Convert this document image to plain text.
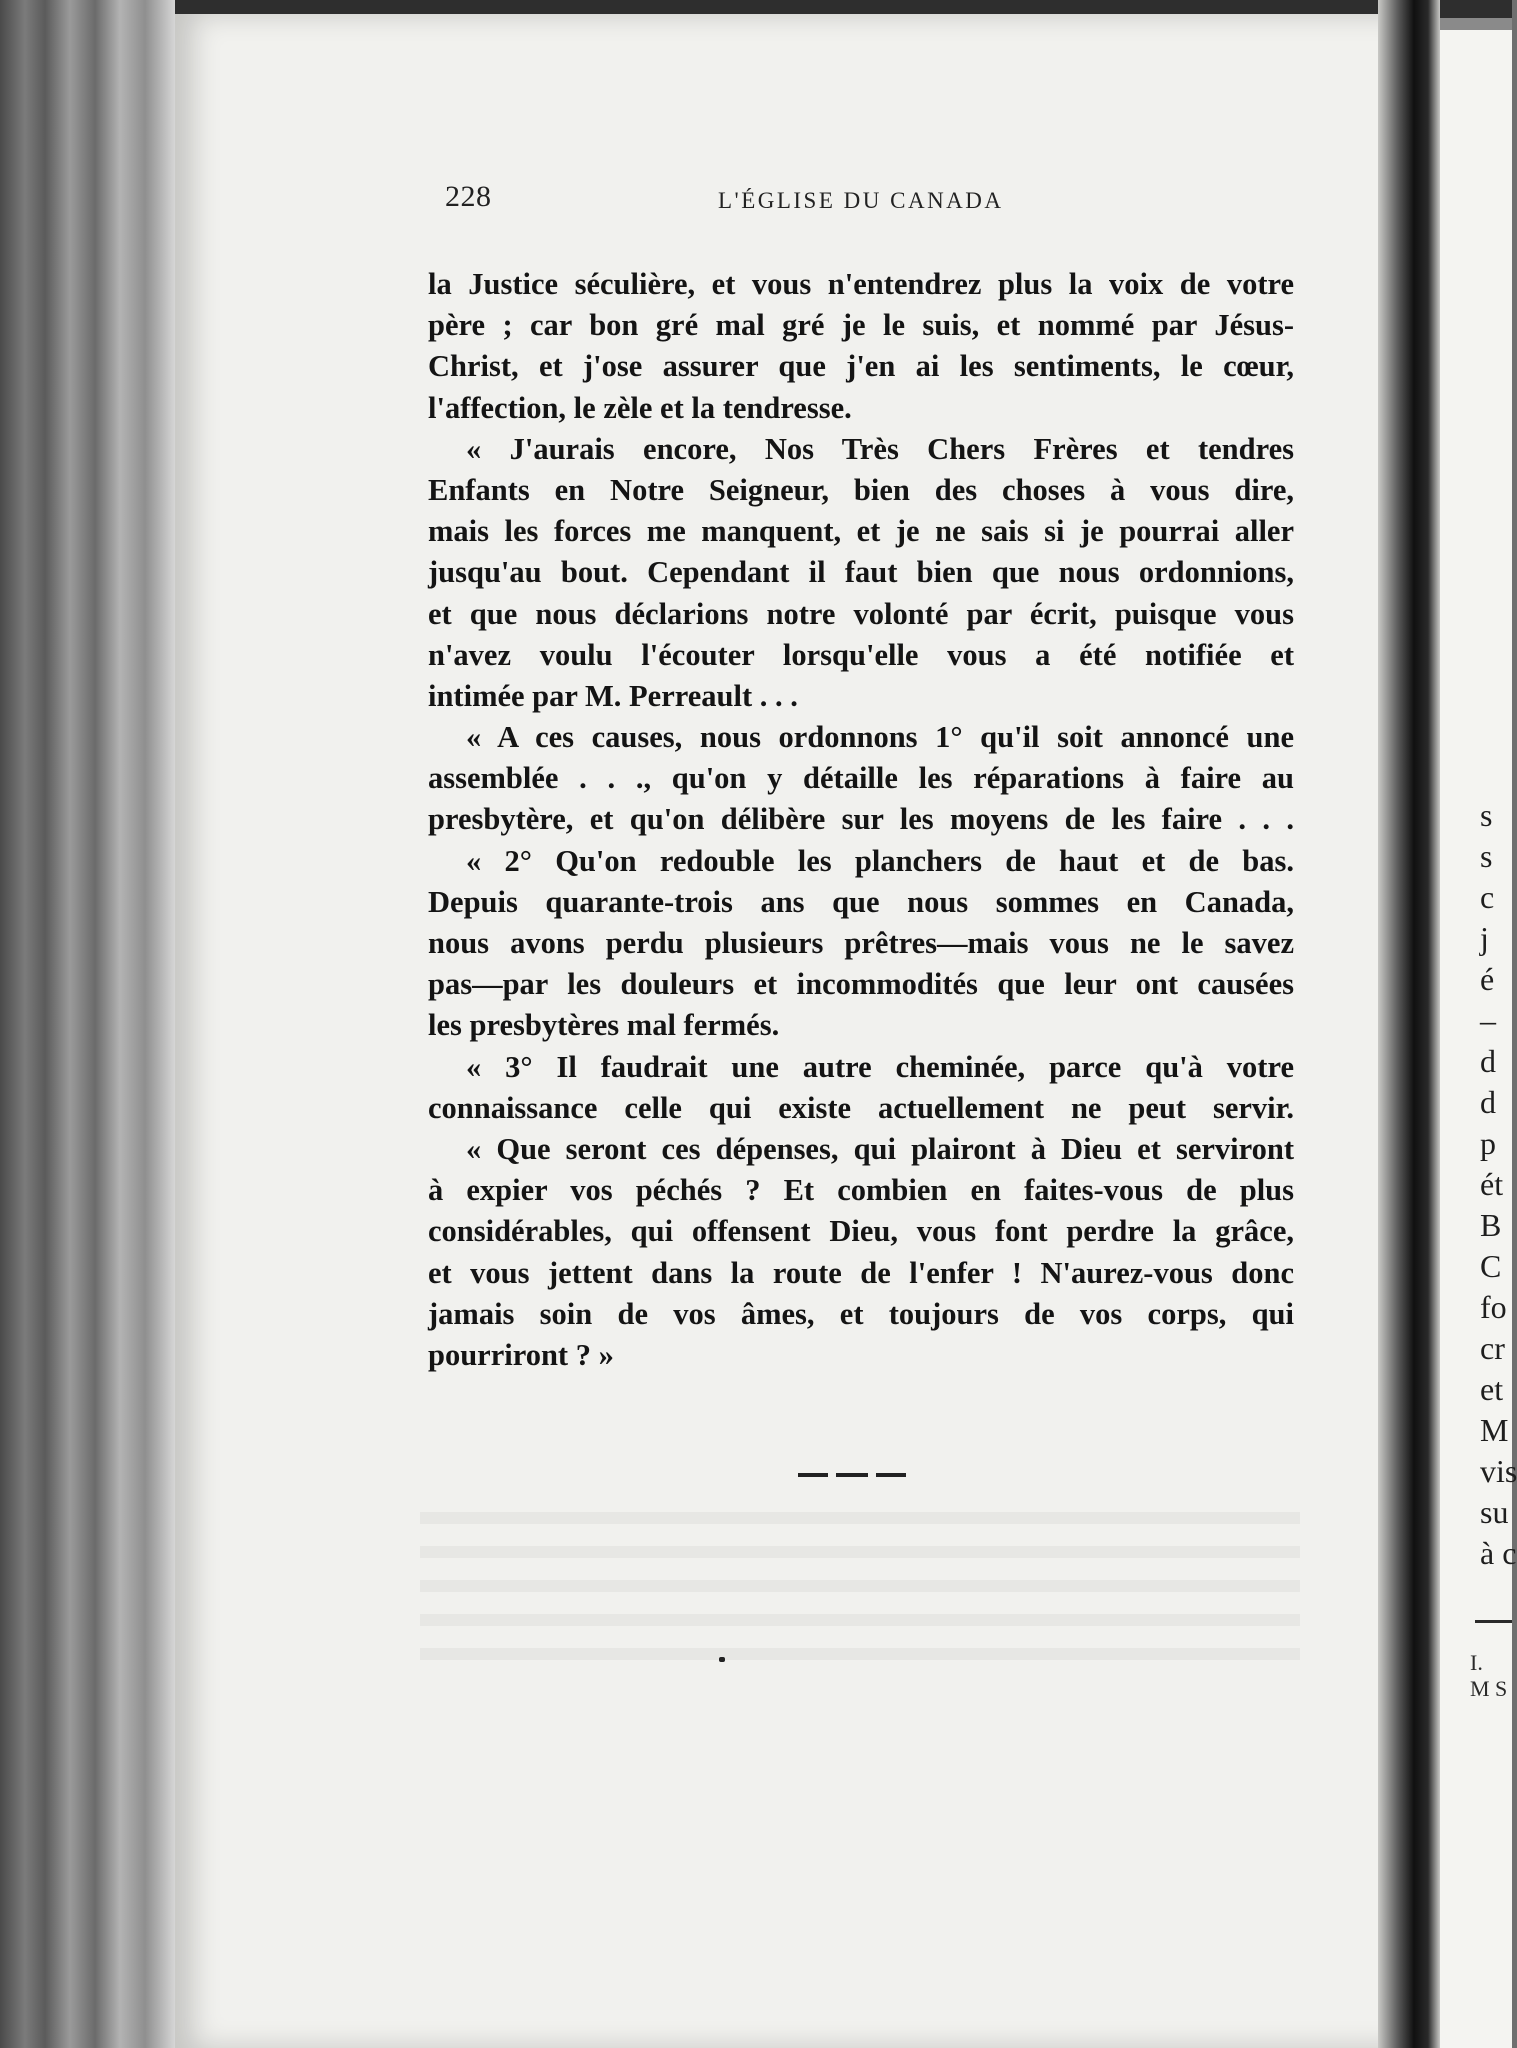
228	L'ÉGLISE DU CANADA
la Justice séculière, et vous n'entendrez plus la voix de votre
père ; car bon gré mal gré je le suis, et nommé par Jésus-
Christ, et j'ose assurer que j'en ai les sentiments, le cœur,
l'affection, le zèle et la tendresse.
« J'aurais encore, Nos Très Chers Frères et tendres
Enfants en Notre Seigneur, bien des choses à vous dire,
mais les forces me manquent, et je ne sais si je pourrai aller
jusqu'au bout. Cependant il faut bien que nous ordonnions,
et que nous déclarions notre volonté par écrit, puisque vous
n'avez voulu l'écouter lorsqu'elle vous a été notifiée et
intimée par M. Perreault . . .
« A ces causes, nous ordonnons 1° qu'il soit annoncé une
assemblée . . ., qu'on y détaille les réparations à faire au
presbytère, et qu'on délibère sur les moyens de les faire . . .
« 2° Qu'on redouble les planchers de haut et de bas.
Depuis quarante-trois ans que nous sommes en Canada,
nous avons perdu plusieurs prêtres—mais vous ne le savez
pas—par les douleurs et incommodités que leur ont causées
les presbytères mal fermés.
« 3° Il faudrait une autre cheminée, parce qu'à votre
connaissance celle qui existe actuellement ne peut servir.
« Que seront ces dépenses, qui plairont à Dieu et serviront
à expier vos péchés ? Et combien en faites-vous de plus
considérables, qui offensent Dieu, vous font perdre la grâce,
et vous jettent dans la route de l'enfer ! N'aurez-vous donc
jamais soin de vos âmes, et toujours de vos corps, qui
pourriront ? »
s
s
c
j
é
–
d
d
p
ét
B
C
fo
cr
et
M
vis
su
à c
I.
M S
